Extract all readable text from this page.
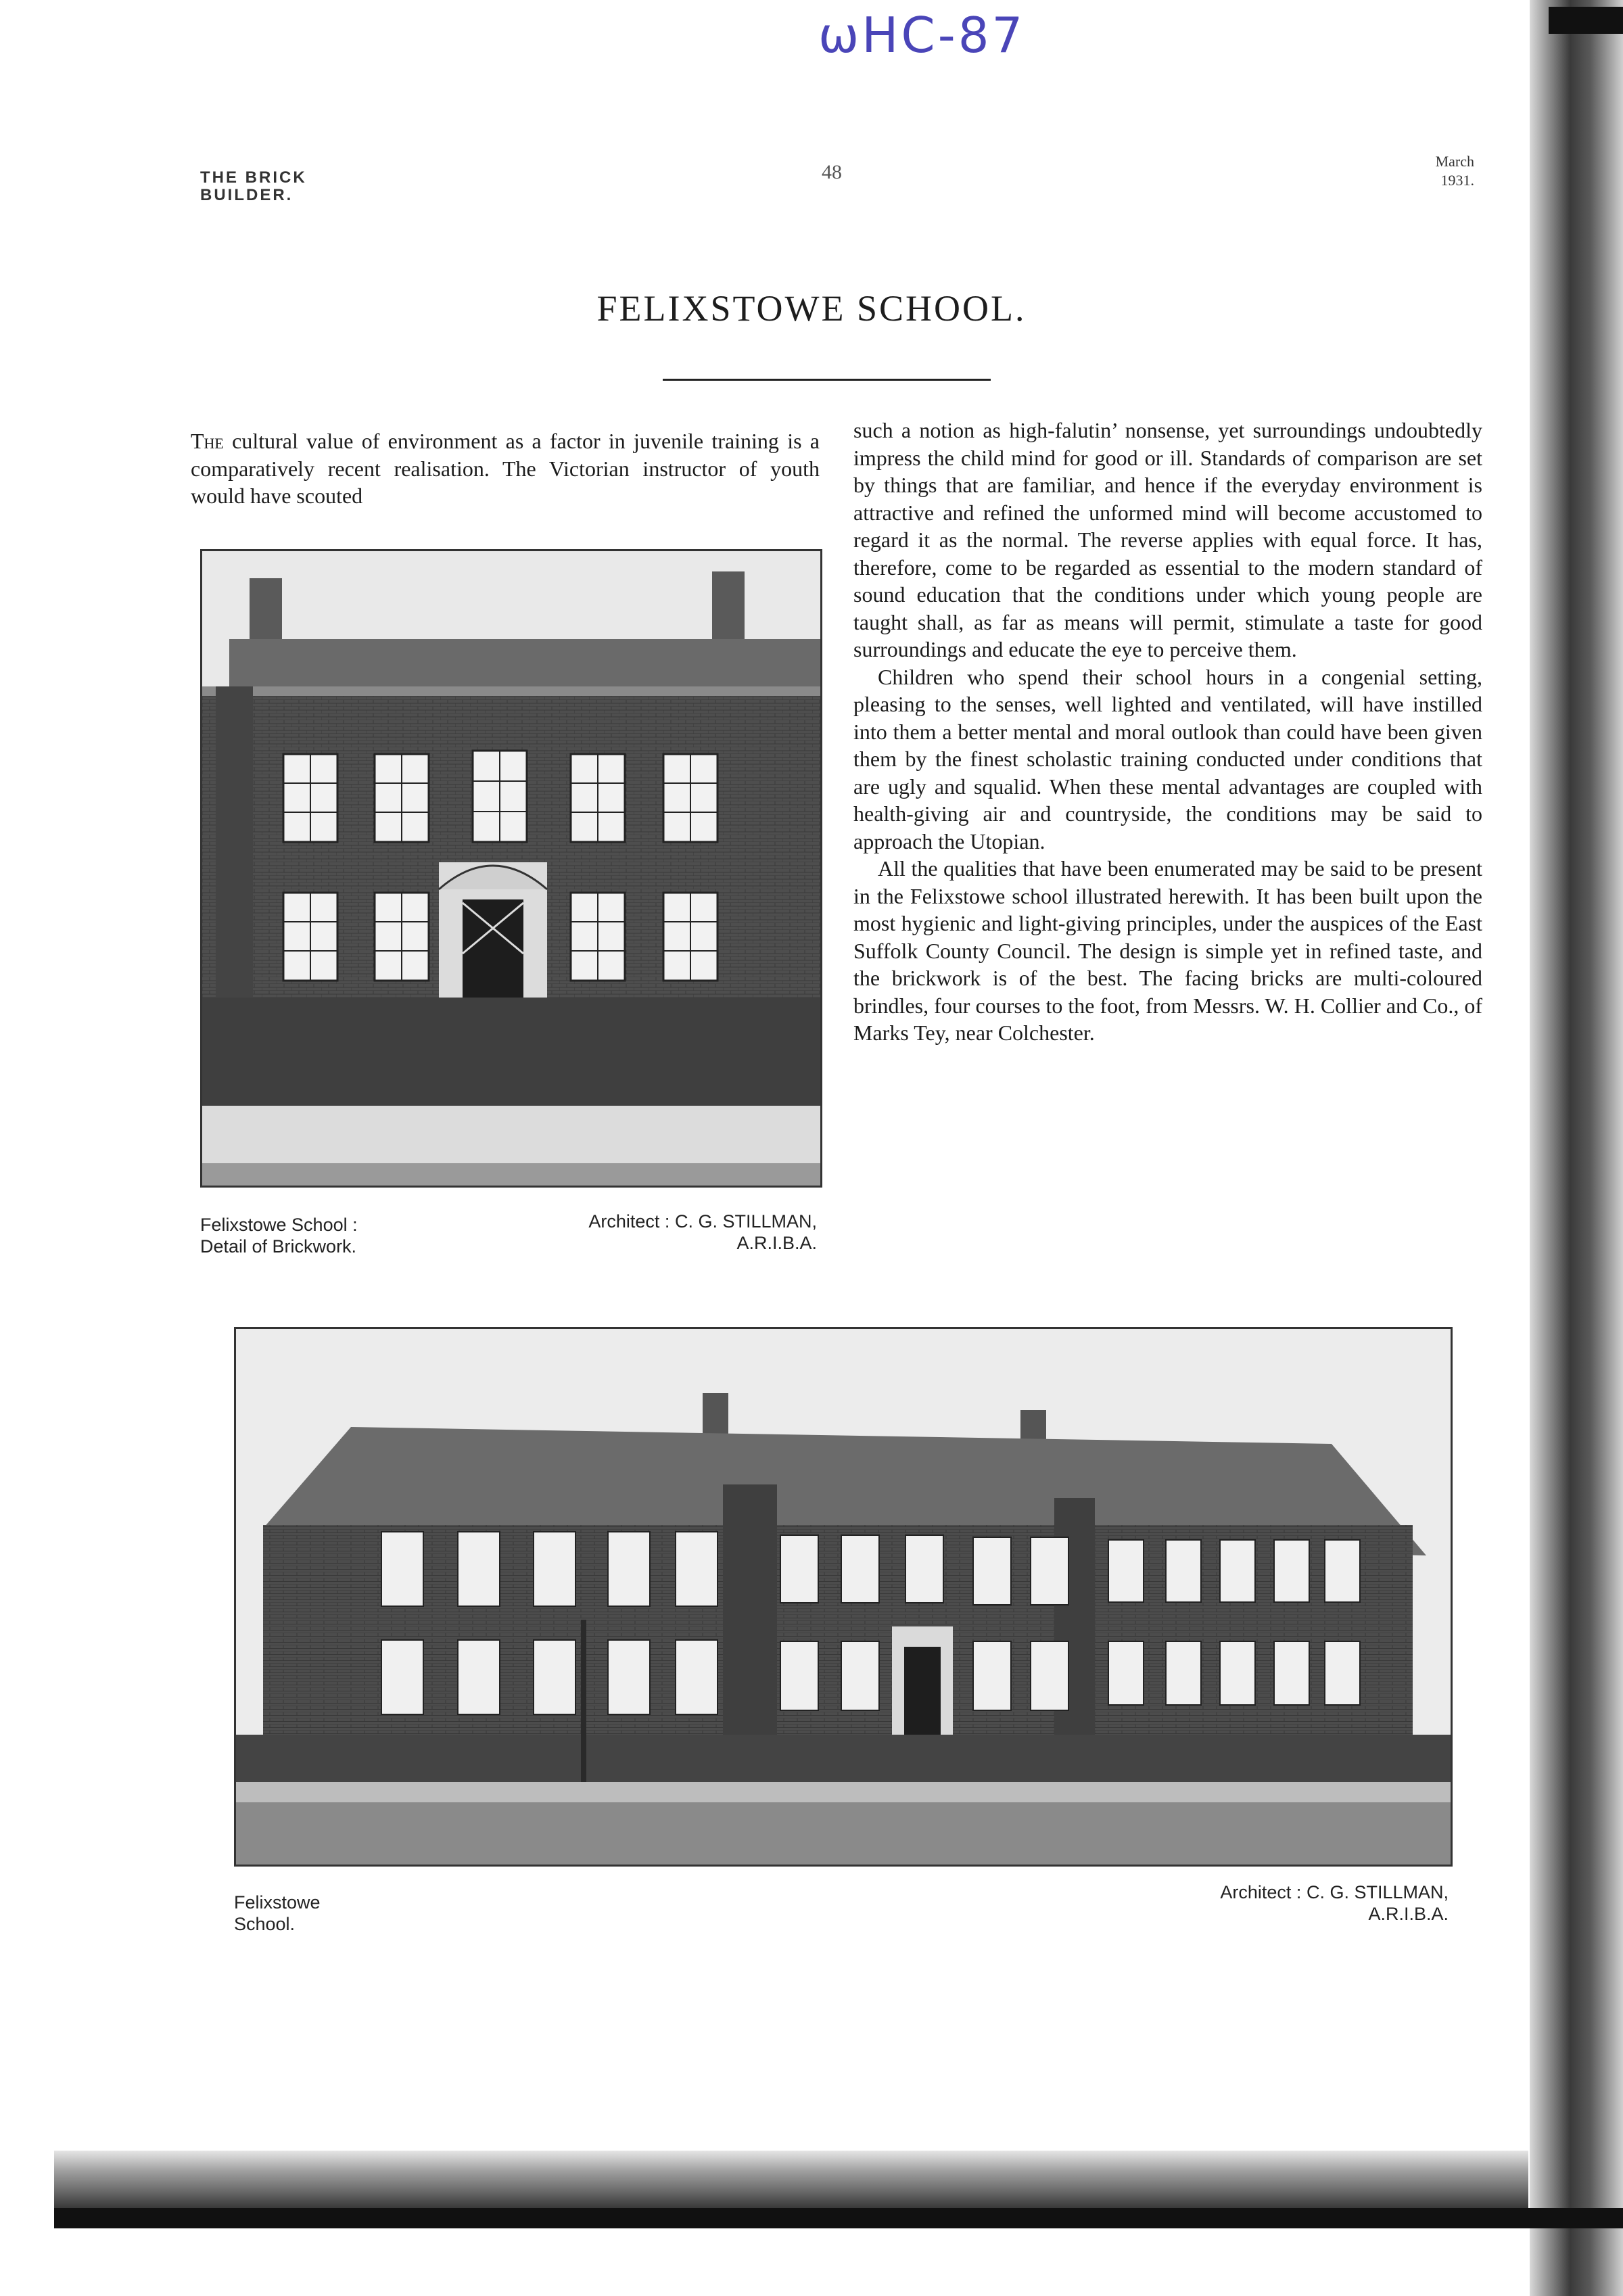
ωHC-87
THE BRICK
BUILDER.
48	March
1931.
FELIXSTOWE SCHOOL.
The cultural value of environment as a factor in juvenile training is a comparatively recent realisation. The Victorian instructor of youth would have scouted
Felixstowe School :
Detail of Brickwork.
Architect : C. G. STILLMAN,
A.R.I.B.A.

such a notion as high-falutin’ nonsense, yet surroundings undoubtedly impress the child mind for good or ill. Standards of comparison are set by things that are familiar, and hence if the everyday environment is attractive and refined the unformed mind will become accustomed to regard it as the normal. The reverse applies with equal force. It has, therefore, come to be regarded as essential to the modern standard of sound education that the conditions under which young people are taught shall, as far as means will permit, stimulate a taste for good surroundings and educate the eye to perceive them.

Children who spend their school hours in a congenial setting, pleasing to the senses, well lighted and ventilated, will have instilled into them a better mental and moral outlook than could have been given them by the finest scholastic training conducted under conditions that are ugly and squalid. When these mental advantages are coupled with health-giving air and countryside, the conditions may be said to approach the Utopian.

All the qualities that have been enumerated may be said to be present in the Felixstowe school illustrated herewith. It has been built upon the most hygienic and light-giving principles, under the auspices of the East Suffolk County Council. The design is simple yet in refined taste, and the brickwork is of the best. The facing bricks are multi-coloured brindles, four courses to the foot, from Messrs. W. H. Collier and Co., of Marks Tey, near Colchester.

Felixstowe
School.
Architect : C. G. STILLMAN,
A.R.I.B.A.
